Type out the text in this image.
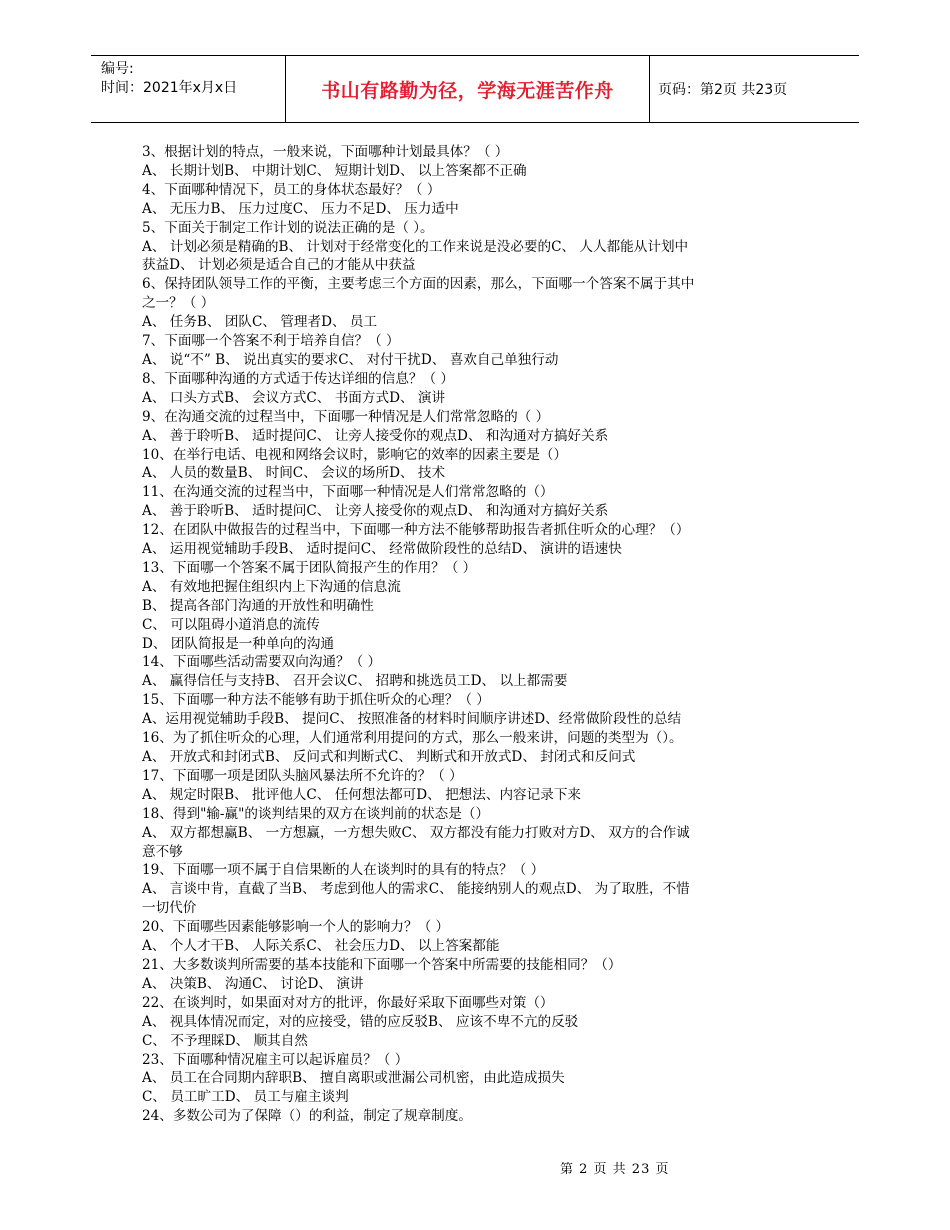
编号:
时间：2021年x月x日	书山有路勤为径，学海无涯苦作舟	页码：第2页 共23页
3、根据计划的特点，一般来说，下面哪种计划最具体？（ ）
A、 长期计划B、 中期计划C、 短期计划D、 以上答案都不正确
4、下面哪种情况下，员工的身体状态最好？（ ）
A、 无压力B、 压力过度C、 压力不足D、 压力适中
5、下面关于制定工作计划的说法正确的是（ ）。
A、 计划必须是精确的B、 计划对于经常变化的工作来说是没必要的C、 人人都能从计划中
获益D、 计划必须是适合自己的才能从中获益
6、保持团队领导工作的平衡，主要考虑三个方面的因素，那么，下面哪一个答案不属于其中
之一？（ ）
A、 任务B、 团队C、 管理者D、 员工
7、下面哪一个答案不利于培养自信？（ ）
A、 说“不” B、 说出真实的要求C、 对付干扰D、 喜欢自己单独行动
8、下面哪种沟通的方式适于传达详细的信息？（ ）
A、 口头方式B、 会议方式C、 书面方式D、 演讲
9、在沟通交流的过程当中，下面哪一种情况是人们常常忽略的（ ）
A、 善于聆听B、 适时提问C、 让旁人接受你的观点D、 和沟通对方搞好关系
10、在举行电话、电视和网络会议时，影响它的效率的因素主要是（）
A、 人员的数量B、 时间C、 会议的场所D、 技术
11、在沟通交流的过程当中，下面哪一种情况是人们常常忽略的（）
A、 善于聆听B、 适时提问C、 让旁人接受你的观点D、 和沟通对方搞好关系
12、在团队中做报告的过程当中，下面哪一种方法不能够帮助报告者抓住听众的心理？（）
A、 运用视觉辅助手段B、 适时提问C、 经常做阶段性的总结D、 演讲的语速快
13、下面哪一个答案不属于团队简报产生的作用？（ ）
A、 有效地把握住组织内上下沟通的信息流
B、 提高各部门沟通的开放性和明确性
C、 可以阻碍小道消息的流传
D、 团队简报是一种单向的沟通
14、下面哪些活动需要双向沟通？（ ）
A、 赢得信任与支持B、 召开会议C、 招聘和挑选员工D、 以上都需要
15、下面哪一种方法不能够有助于抓住听众的心理？（ ）
A、运用视觉辅助手段B、 提问C、 按照准备的材料时间顺序讲述D、经常做阶段性的总结
16、为了抓住听众的心理，人们通常利用提问的方式，那么一般来讲，问题的类型为（）。
A、 开放式和封闭式B、 反问式和判断式C、 判断式和开放式D、 封闭式和反问式
17、下面哪一项是团队头脑风暴法所不允许的？（ ）
A、 规定时限B、 批评他人C、 任何想法都可D、 把想法、内容记录下来
18、得到"输-赢"的谈判结果的双方在谈判前的状态是（）
A、 双方都想赢B、 一方想赢，一方想失败C、 双方都没有能力打败对方D、 双方的合作诚
意不够
19、下面哪一项不属于自信果断的人在谈判时的具有的特点？（ ）
A、 言谈中肯，直截了当B、 考虑到他人的需求C、 能接纳别人的观点D、 为了取胜，不惜
一切代价
20、下面哪些因素能够影响一个人的影响力？（ ）
A、 个人才干B、 人际关系C、 社会压力D、 以上答案都能
21、大多数谈判所需要的基本技能和下面哪一个答案中所需要的技能相同？（）
A、 决策B、 沟通C、 讨论D、 演讲
22、在谈判时，如果面对对方的批评，你最好采取下面哪些对策（）
A、 视具体情况而定，对的应接受，错的应反驳B、 应该不卑不亢的反驳
C、 不予理睬D、 顺其自然
23、下面哪种情况雇主可以起诉雇员？（ ）
A、 员工在合同期内辞职B、 擅自离职或泄漏公司机密，由此造成损失
C、 员工旷工D、 员工与雇主谈判
24、多数公司为了保障（）的利益，制定了规章制度。
第 2 页 共 23 页
